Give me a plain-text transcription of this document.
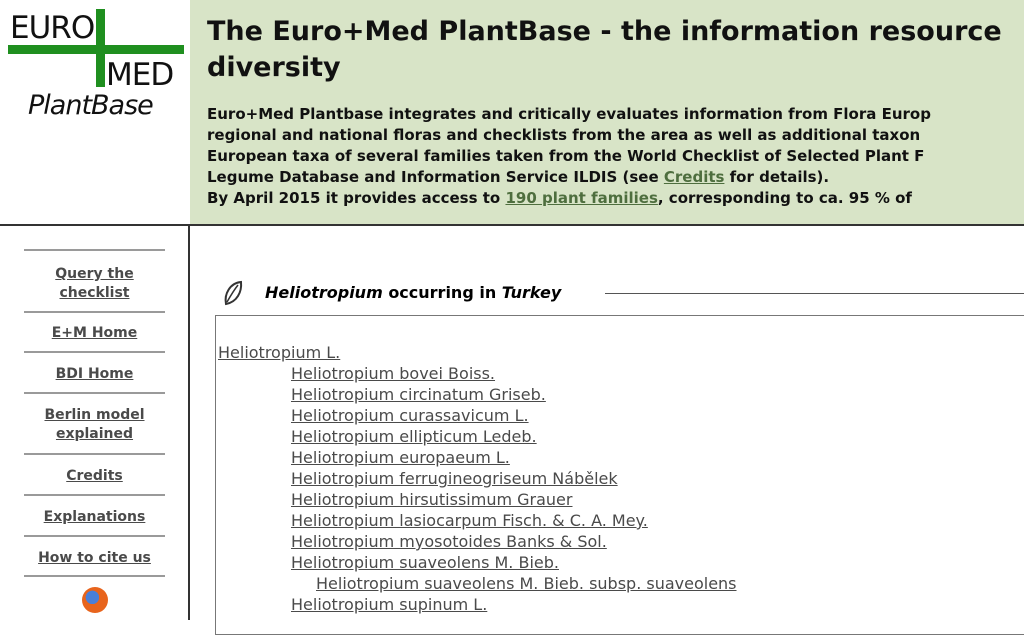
EURO
MED
PlantBase
The Euro+Med PlantBase - the information resource
diversity
Euro+Med Plantbase integrates and critically evaluates information from Flora Europ
regional and national floras and checklists from the area as well as additional taxon
European taxa of several families taken from the World Checklist of Selected Plant F
Legume Database and Information Service ILDIS (see Credits for details).
By April 2015 it provides access to 190 plant families, corresponding to ca. 95 % of
Query the checklist
E+M Home
BDI Home
Berlin model explained
Credits
Explanations
How to cite us
Heliotropium occurring in Turkey
Heliotropium L.
Heliotropium bovei Boiss.
Heliotropium circinatum Griseb.
Heliotropium curassavicum L.
Heliotropium ellipticum Ledeb.
Heliotropium europaeum L.
Heliotropium ferrugineogriseum Nábělek
Heliotropium hirsutissimum Grauer
Heliotropium lasiocarpum Fisch. & C. A. Mey.
Heliotropium myosotoides Banks & Sol.
Heliotropium suaveolens M. Bieb.
Heliotropium suaveolens M. Bieb. subsp. suaveolens
Heliotropium supinum L.
